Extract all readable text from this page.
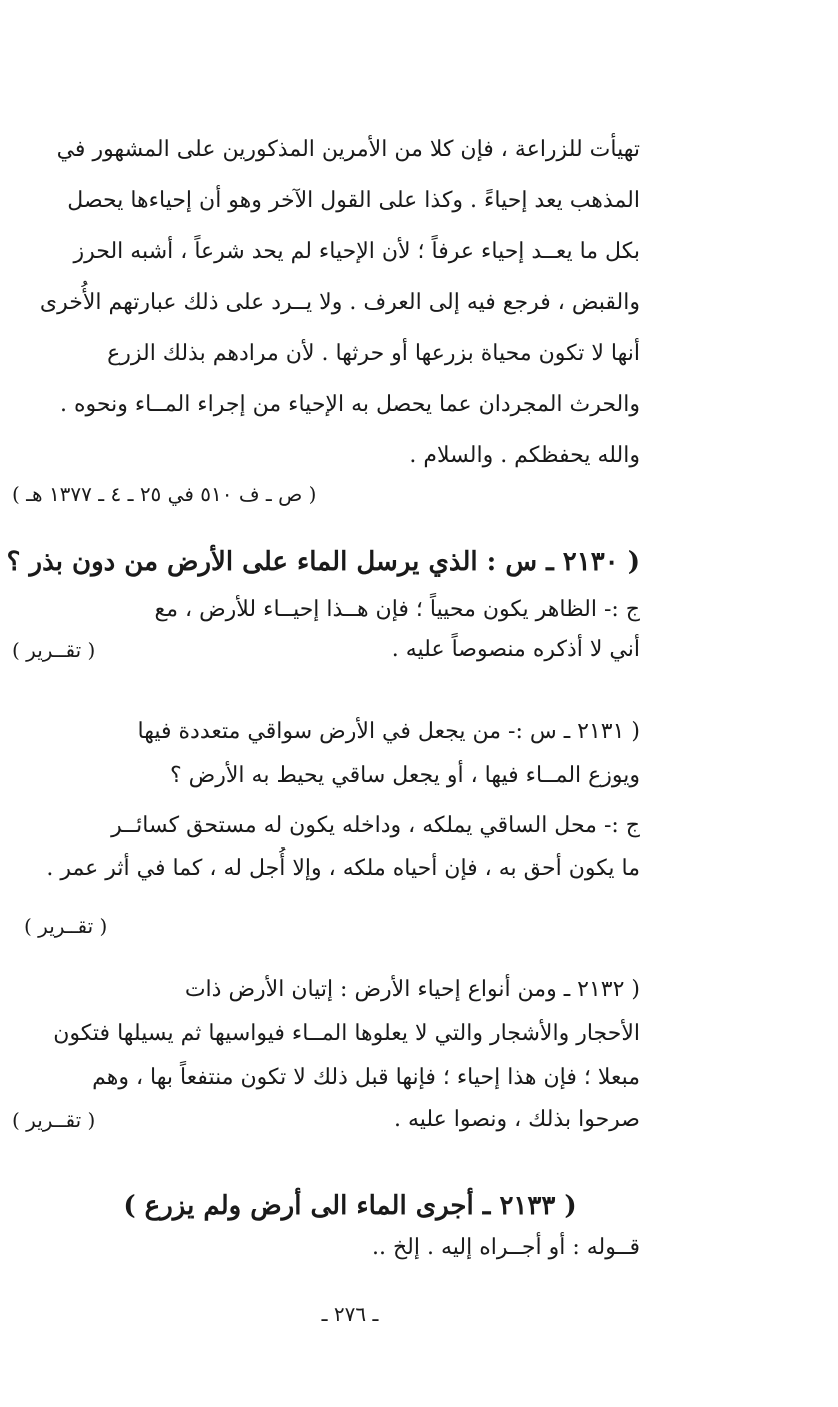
تهيأت للزراعة ، فإن كلا من الأمرين المذكورين على المشهور في
المذهب يعد إحياءً . وكذا على القول الآخر وهو أن إحياءها يحصل
بكل ما يعــد إحياء عرفاً ؛ لأن الإحياء لم يحد شرعاً ، أشبه الحرز
والقبض ، فرجع فيه إلى العرف . ولا يــرد على ذلك عبارتهم الأُخرى
أنها لا تكون محياة بزرعها أو حرثها . لأن مرادهم بذلك الزرع
والحرث المجردان عما يحصل به الإحياء من إجراء المــاء ونحوه .
والله يحفظكم . والسلام .
( ص ـ ف ٥١٠ في ٢٥ ـ ٤ ـ ١٣٧٧ هـ )
( ٢١٣٠ ـ س : الذي يرسل الماء على الأرض من دون بذر ؟
ج :- الظاهر يكون محيياً ؛ فإن هــذا إحيــاء للأرض ، مع
أني لا أذكره منصوصاً عليه .
( تقــرير )
( ٢١٣١ ـ س :- من يجعل في الأرض سواقي متعددة فيها
ويوزع المــاء فيها ، أو يجعل ساقي يحيط به الأرض ؟
ج :- محل الساقي يملكه ، وداخله يكون له مستحق كسائــر
ما يكون أحق به ، فإن أحياه ملكه ، وإلا أُجل له ، كما في أثر عمر .
( تقــرير )
( ٢١٣٢ ـ ومن أنواع إحياء الأرض : إتيان الأرض ذات
الأحجار والأشجار والتي لا يعلوها المــاء فيواسيها ثم يسيلها فتكون
مبعلا ؛ فإن هذا إحياء ؛ فإنها قبل ذلك لا تكون منتفعاً بها ، وهم
صرحوا بذلك ، ونصوا عليه .
( تقــرير )
( ٢١٣٣ ـ أجرى الماء الى أرض ولم يزرع )
قــوله : أو أجــراه إليه . إلخ ..
ـ ٢٧٦ ـ
